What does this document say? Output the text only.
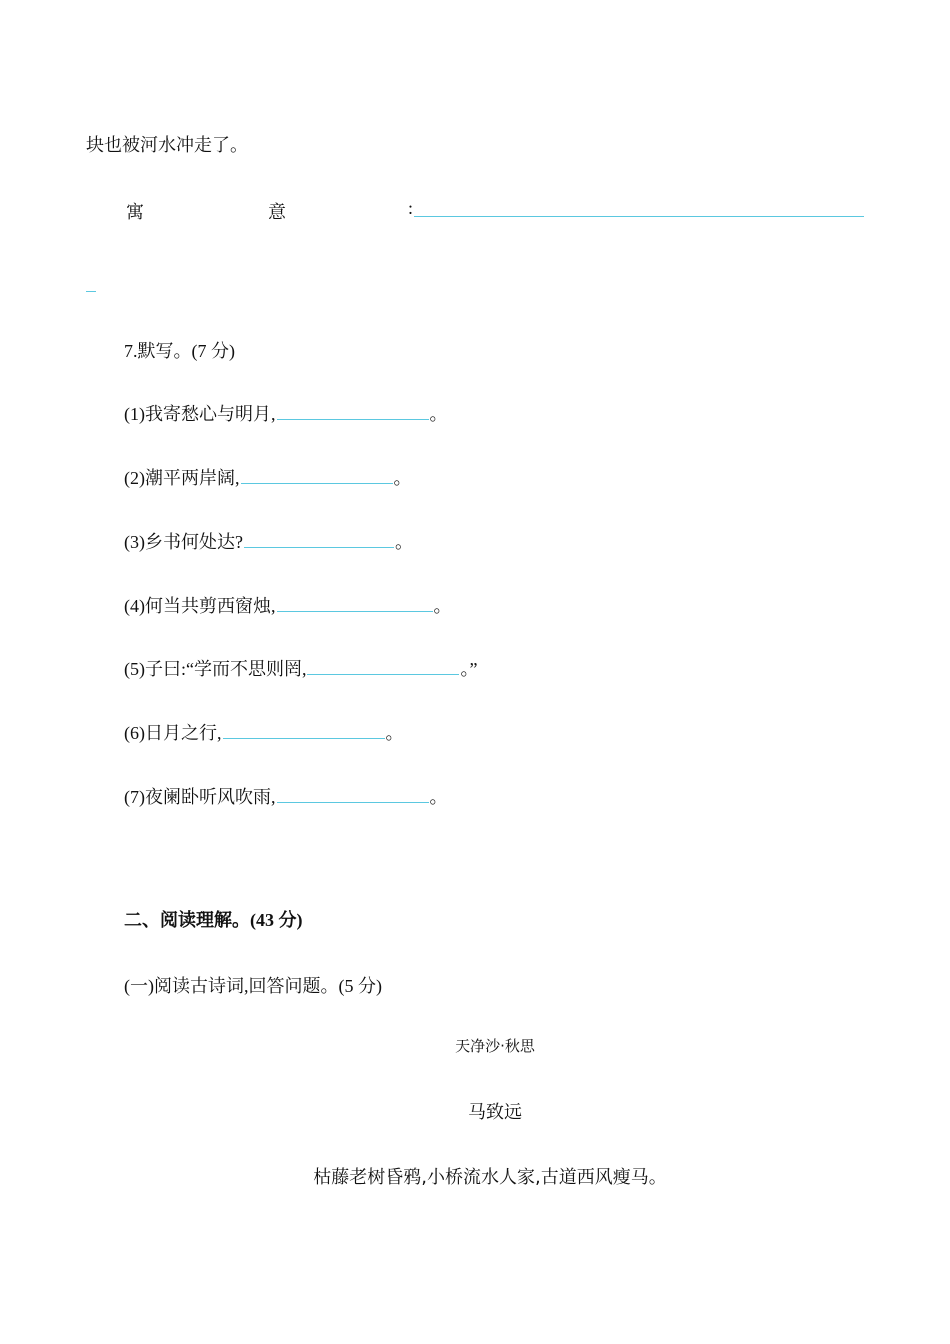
块也被河水冲走了。
寓	意	:
7.默写。(7 分)
(1)我寄愁心与明月,	。
(2)潮平两岸阔,	。
(3)乡书何处达?	。
(4)何当共剪西窗烛,	。
(5)子曰:“学而不思则罔,	。”
(6)日月之行,	。
(7)夜阑卧听风吹雨,	。
二、阅读理解。(43 分)
(一)阅读古诗词,回答问题。(5 分)
天净沙·秋思
马致远
枯藤老树昏鸦,小桥流水人家,古道西风瘦马。
